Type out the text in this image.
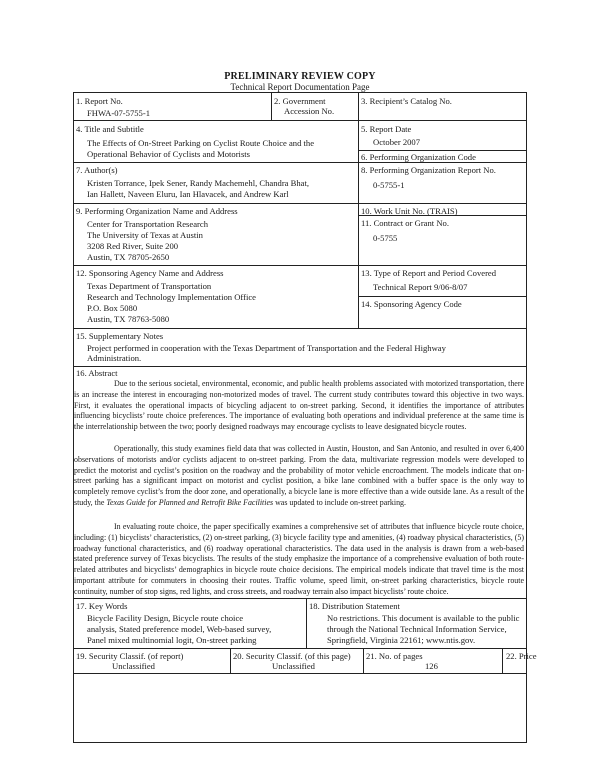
PRELIMINARY REVIEW COPY
Technical Report Documentation Page
1. Report No.
FHWA-07-5755-1
2. Government
Accession No.
3. Recipient’s Catalog No.
4. Title and Subtitle
The Effects of On-Street Parking on Cyclist Route Choice and the
Operational Behavior of Cyclists and Motorists
5. Report Date
October 2007
6. Performing Organization Code
7. Author(s)
Kristen Torrance, Ipek Sener, Randy Machemehl, Chandra Bhat,
Ian Hallett, Naveen Eluru, Ian Hlavacek, and Andrew Karl
8. Performing Organization Report No.
0-5755-1
9. Performing Organization Name and Address
Center for Transportation Research
The University of Texas at Austin
3208 Red River, Suite 200
Austin, TX 78705-2650
10. Work Unit No. (TRAIS)
11. Contract or Grant No.
0-5755
12. Sponsoring Agency Name and Address
Texas Department of Transportation
Research and Technology Implementation Office
P.O. Box 5080
Austin, TX 78763-5080
13. Type of Report and Period Covered
Technical Report 9/06-8/07
14. Sponsoring Agency Code
15. Supplementary Notes
Project performed in cooperation with the Texas Department of Transportation and the Federal Highway
Administration.
16. Abstract

Due to the serious societal, environmental, economic, and public health problems associated with motorized transportation, there is an increase the interest in encouraging non-motorized modes of travel. The current study contributes toward this objective in two ways. First, it evaluates the operational impacts of bicycling adjacent to on-street parking. Second, it identifies the importance of attributes influencing bicyclists’ route choice preferences. The importance of evaluating both operations and individual preference at the same time is the interrelationship between the two; poorly designed roadways may encourage cyclists to leave designated bicycle routes.

Operationally, this study examines field data that was collected in Austin, Houston, and San Antonio, and resulted in over 6,400 observations of motorists and/or cyclists adjacent to on-street parking. From the data, multivariate regression models were developed to predict the motorist and cyclist’s position on the roadway and the probability of motor vehicle encroachment. The models indicate that on-street parking has a significant impact on motorist and cyclist position, a bike lane combined with a buffer space is the only way to completely remove cyclist’s from the door zone, and operationally, a bicycle lane is more effective than a wide outside lane. As a result of the study, the Texas Guide for Planned and Retrofit Bike Facilities was updated to include on-street parking.

In evaluating route choice, the paper specifically examines a comprehensive set of attributes that influence bicycle route choice, including: (1) bicyclists’ characteristics, (2) on-street parking, (3) bicycle facility type and amenities, (4) roadway physical characteristics, (5) roadway functional characteristics, and (6) roadway operational characteristics. The data used in the analysis is drawn from a web-based stated preference survey of Texas bicyclists. The results of the study emphasize the importance of a comprehensive evaluation of both route-related attributes and bicyclists’ demographics in bicycle route choice decisions. The empirical models indicate that travel time is the most important attribute for commuters in choosing their routes. Traffic volume, speed limit, on-street parking characteristics, bicycle route continuity, number of stop signs, red lights, and cross streets, and roadway terrain also impact bicyclists’ route choice.

17. Key Words
Bicycle Facility Design, Bicycle route choice
analysis, Stated preference model, Web-based survey,
Panel mixed multinomial logit, On-street parking
18. Distribution Statement
No restrictions. This document is available to the public
through the National Technical Information Service,
Springfield, Virginia 22161; www.ntis.gov.
19. Security Classif. (of report)
Unclassified
20. Security Classif. (of this page)
Unclassified
21. No. of pages
126
22. Price
